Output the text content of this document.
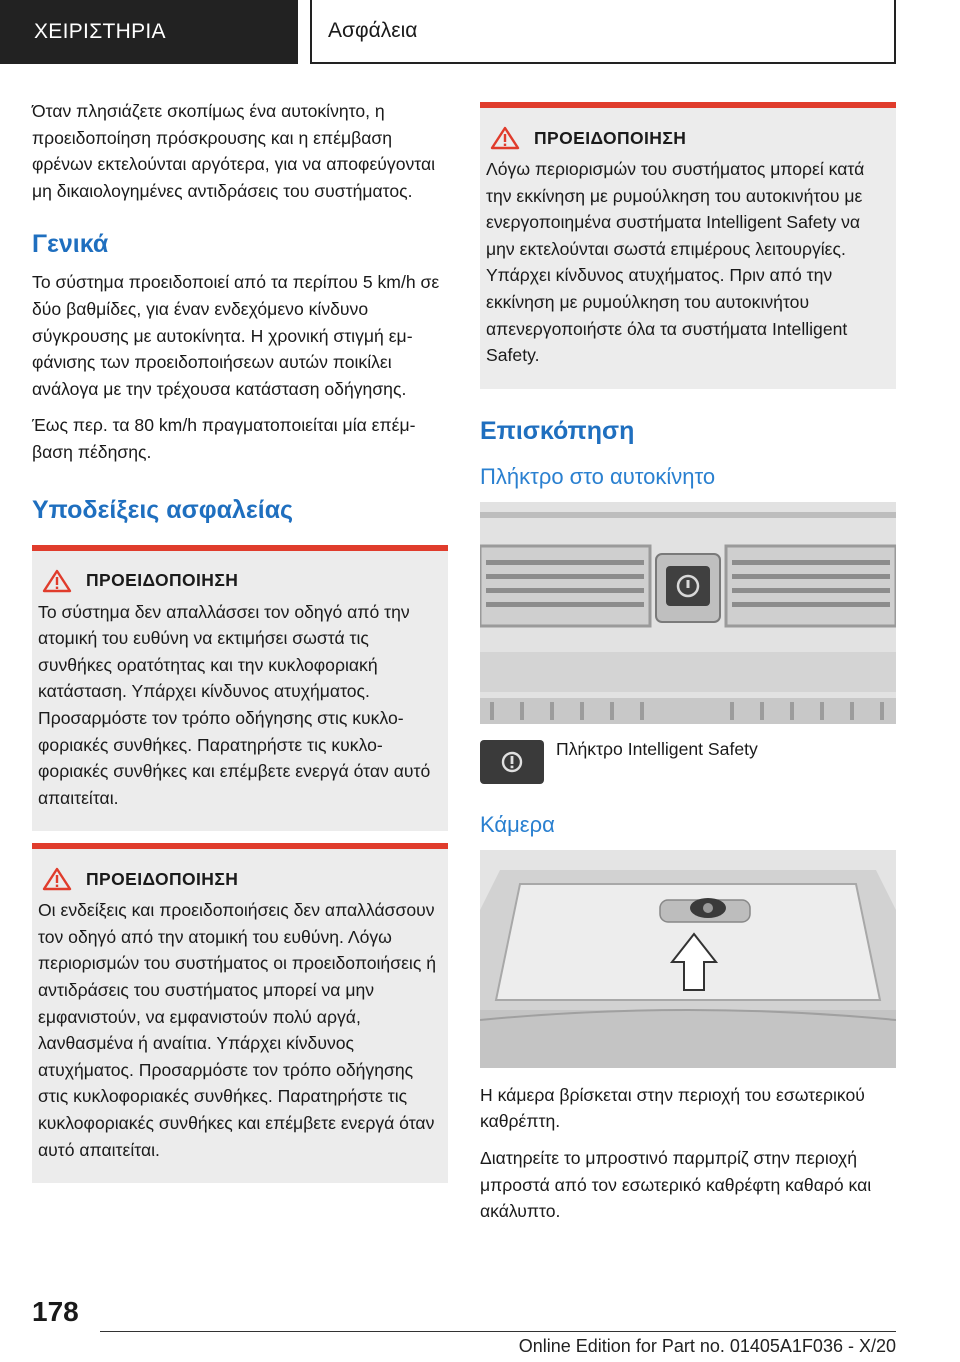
ΧΕΙΡΙΣΤΗΡΙΑ	Ασφάλεια

Όταν πλησιάζετε σκοπίμως ένα αυτοκίνητο, η προειδοποίηση πρόσκρουσης και η επέμβαση φρένων εκτελούνται αργότερα, για να αποφεύγονται μη δικαιολογημένες αντιδράσεις του συστήματος.

Γενικά

Το σύστημα προειδοποιεί από τα περίπου 5 km/h σε δύο βαθμίδες, για έναν ενδεχόμενο κίνδυνο σύγκρουσης με αυτοκίνητα. Η χρονική στιγμή εμφάνισης των προειδοποιήσεων αυτών ποικίλει ανάλογα με την τρέχουσα κατάσταση οδήγησης.

Έως περ. τα 80 km/h πραγματοποιείται μία επέμβαση πέδησης.

Υποδείξεις ασφαλείας
ΠΡΟΕΙΔΟΠΟΙΗΣΗ

Το σύστημα δεν απαλλάσσει τον οδηγό από την ατομική του ευθύνη να εκτιμήσει σωστά τις συνθήκες ορατότητας και την κυκλοφοριακή κατάσταση. Υπάρχει κίνδυνος ατυχήματος. Προσαρμόστε τον τρόπο οδήγησης στις κυκλοφοριακές συνθήκες. Παρατηρήστε τις κυκλοφοριακές συνθήκες και επέμβετε ενεργά όταν αυτό απαιτείται.

ΠΡΟΕΙΔΟΠΟΙΗΣΗ

Οι ενδείξεις και προειδοποιήσεις δεν απαλλάσσουν τον οδηγό από την ατομική του ευθύνη. Λόγω περιορισμών του συστήματος οι προειδοποιήσεις ή αντιδράσεις του συστήματος μπορεί να μην εμφανιστούν, να εμφανιστούν πολύ αργά, λανθασμένα ή αναίτια. Υπάρχει κίνδυνος ατυχήματος. Προσαρμόστε τον τρόπο οδήγησης στις κυκλοφοριακές συνθήκες. Παρατηρήστε τις κυκλοφοριακές συνθήκες και επέμβετε ενεργά όταν αυτό απαιτείται.

ΠΡΟΕΙΔΟΠΟΙΗΣΗ

Λόγω περιορισμών του συστήματος μπορεί κατά την εκκίνηση με ρυμούλκηση του αυτοκινήτου με ενεργοποιημένα συστήματα Intelligent Safety να μην εκτελούνται σωστά επιμέρους λειτουργίες. Υπάρχει κίνδυνος ατυχήματος. Πριν από την εκκίνηση με ρυμούλκηση του αυτοκινήτου απενεργοποιήστε όλα τα συστήματα Intelligent Safety.

Επισκόπηση
Πλήκτρο στο αυτοκίνητο
Πλήκτρο Intelligent Safety
Κάμερα

Η κάμερα βρίσκεται στην περιοχή του εσωτερικού καθρέπτη.

Διατηρείτε το μπροστινό παρμπρίζ στην περιοχή μπροστά από τον εσωτερικό καθρέφτη καθαρό και ακάλυπτο.

178
Online Edition for Part no. 01405A1F036 - X/20
